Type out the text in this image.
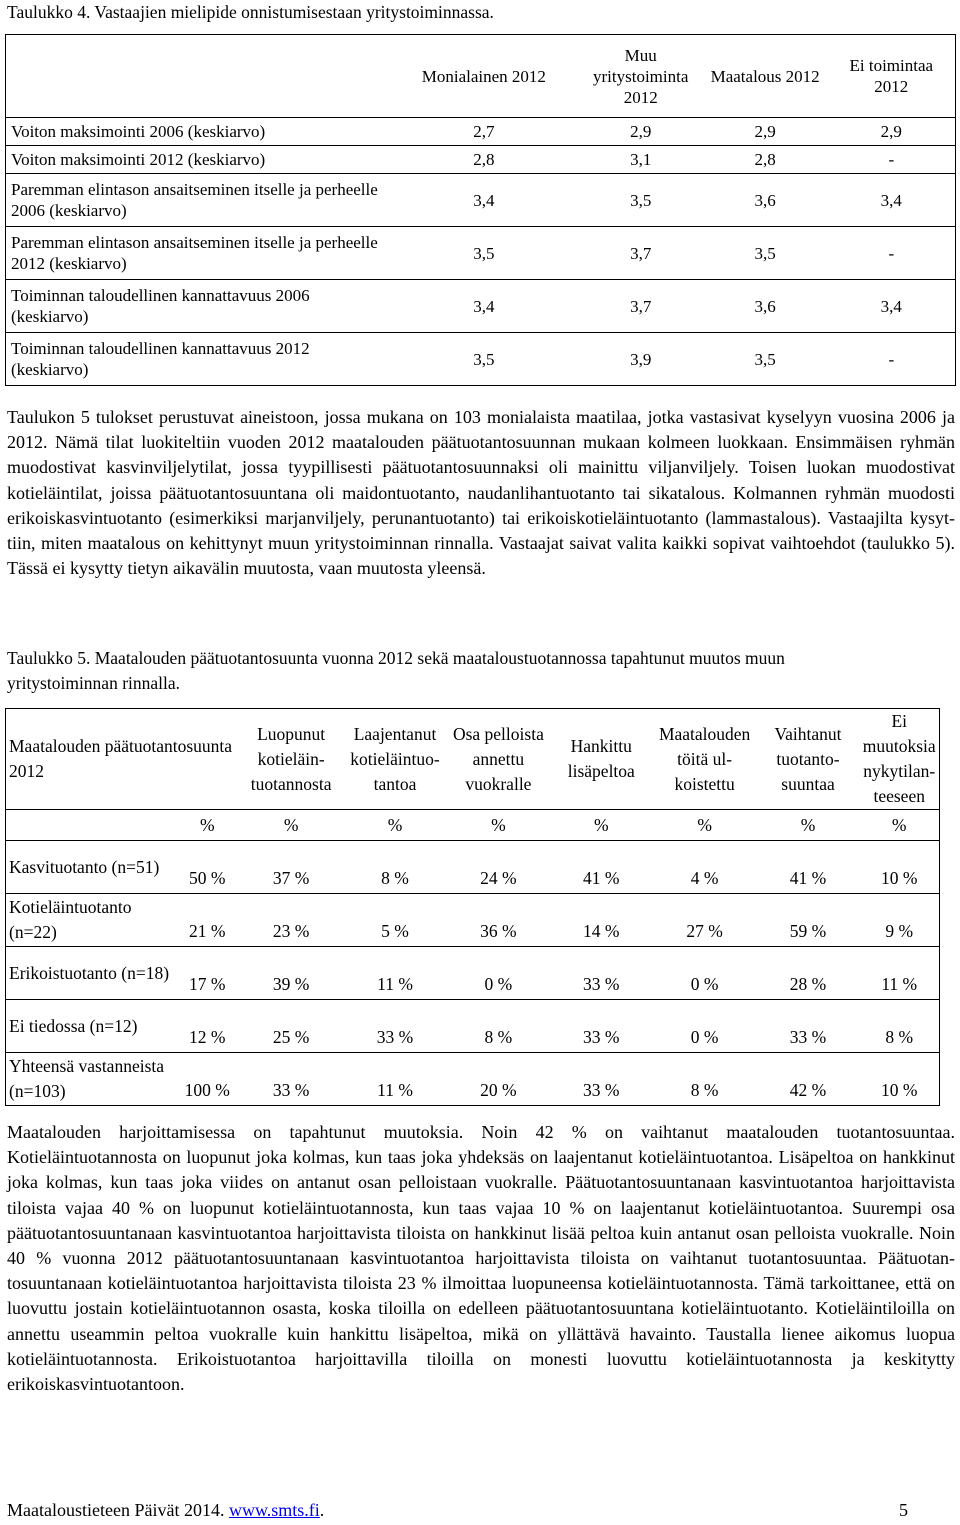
Taulukko 4. Vastaajien mielipide onnistumisestaan yritystoiminnassa.
	Monialainen 2012	Muu yritystoiminta 2012	Maatalous 2012	Ei toimintaa 2012
Voiton maksimointi 2006 (keskiarvo)	2,7	2,9	2,9	2,9
Voiton maksimointi 2012 (keskiarvo)	2,8	3,1	2,8	-
Paremman elintason ansaitseminen itselle ja perheelle 2006 (keskiarvo)	3,4	3,5	3,6	3,4
Paremman elintason ansaitseminen itselle ja perheelle 2012 (keskiarvo)	3,5	3,7	3,5	-
Toiminnan taloudellinen kannattavuus 2006 (keskiarvo)	3,4	3,7	3,6	3,4
Toiminnan taloudellinen kannattavuus 2012 (keskiarvo)	3,5	3,9	3,5	-
Taulukon 5 tulokset perustuvat aineistoon, jossa mukana on 103 monialaista maatilaa, jotka vastasivat kyselyyn vuosina 2006 ja 2012. Nämä tilat luokiteltiin vuoden 2012 maatalouden päätuotantosuunnan mukaan kolmeen luokkaan. Ensimmäisen ryhmän muodostivat kasvinviljelytilat, jossa tyypillisesti päätuotantosuunnaksi oli mainittu viljanviljely. Toisen luokan muodostivat kotieläintilat, joissa päätuotantosuuntana oli maidontuotanto, naudanlihantuotanto tai sikatalous. Kolmannen ryhmän muodosti erikoiskasvintuotanto (esimerkiksi marjanviljely, perunantuotanto) tai erikoiskotieläintuotanto (lammastalous). Vastaajilta kysyttiin, miten maatalous on kehittynyt muun yritystoiminnan rinnalla. Vastaajat saivat valita kaikki sopivat vaihtoehdot (taulukko 5). Tässä ei kysytty tietyn aikavälin muutosta, vaan muutosta yleensä.
Taulukko 5. Maatalouden päätuotantosuunta vuonna 2012 sekä maataloustuotannossa tapahtunut muutos muun
yritystoiminnan rinnalla.
Maatalouden päätuotantosuunta 2012		Luopunut kotieläintuotannosta	Laajentanut kotieläintuotantoa	Osa pelloista annettu vuokralle	Hankittu lisäpeltoa	Maatalouden töitä ulkoistettu	Vaihtanut tuotantosuuntaa	Ei muutoksia nykytilanteeseen
	%	%	%	%	%	%	%	%
Kasvituotanto (n=51)	50 %	37 %	8 %	24 %	41 %	4 %	41 %	10 %
Kotieläintuotanto (n=22)	21 %	23 %	5 %	36 %	14 %	27 %	59 %	9 %
Erikoistuotanto (n=18)	17 %	39 %	11 %	0 %	33 %	0 %	28 %	11 %
Ei tiedossa (n=12)	12 %	25 %	33 %	8 %	33 %	0 %	33 %	8 %
Yhteensä vastanneista (n=103)	100 %	33 %	11 %	20 %	33 %	8 %	42 %	10 %
Maatalouden harjoittamisessa on tapahtunut muutoksia. Noin 42 % on vaihtanut maatalouden tuotantosuuntaa. Kotieläintuotannosta on luopunut joka kolmas, kun taas joka yhdeksäs on laajentanut kotieläintuotantoa. Lisäpeltoa on hankkinut joka kolmas, kun taas joka viides on antanut osan pelloistaan vuokralle. Päätuotantosuuntanaan kasvintuotantoa harjoittavista tiloista vajaa 40 % on luopunut kotieläintuotannosta, kun taas vajaa 10 % on laajentanut kotieläintuotantoa. Suurempi osa päätuotantosuuntanaan kasvintuotantoa harjoittavista tiloista on hankkinut lisää peltoa kuin antanut osan pelloista vuokralle. Noin 40 % vuonna 2012 päätuotantosuuntanaan kasvintuotantoa harjoittavista tiloista on vaihtanut tuotantosuuntaa. Päätuotantosuuntanaan kotieläintuotantoa harjoittavista tiloista 23 % ilmoittaa luopuneensa kotieläintuotannosta. Tämä tarkoittanee, että on luovuttu jostain kotieläintuotannon osasta, koska tiloilla on edelleen päätuotantosuuntana kotieläintuotanto. Kotieläintiloilla on annettu useammin peltoa vuokralle kuin hankittu lisäpeltoa, mikä on yllättävä havainto. Taustalla lienee aikomus luopua kotieläintuotannosta. Erikoistuotantoa harjoittavilla tiloilla on monesti luovuttu kotieläintuotannosta ja keskitytty erikoiskasvintuotantoon.
Maataloustieteen Päivät 2014. www.smts.fi.	5
